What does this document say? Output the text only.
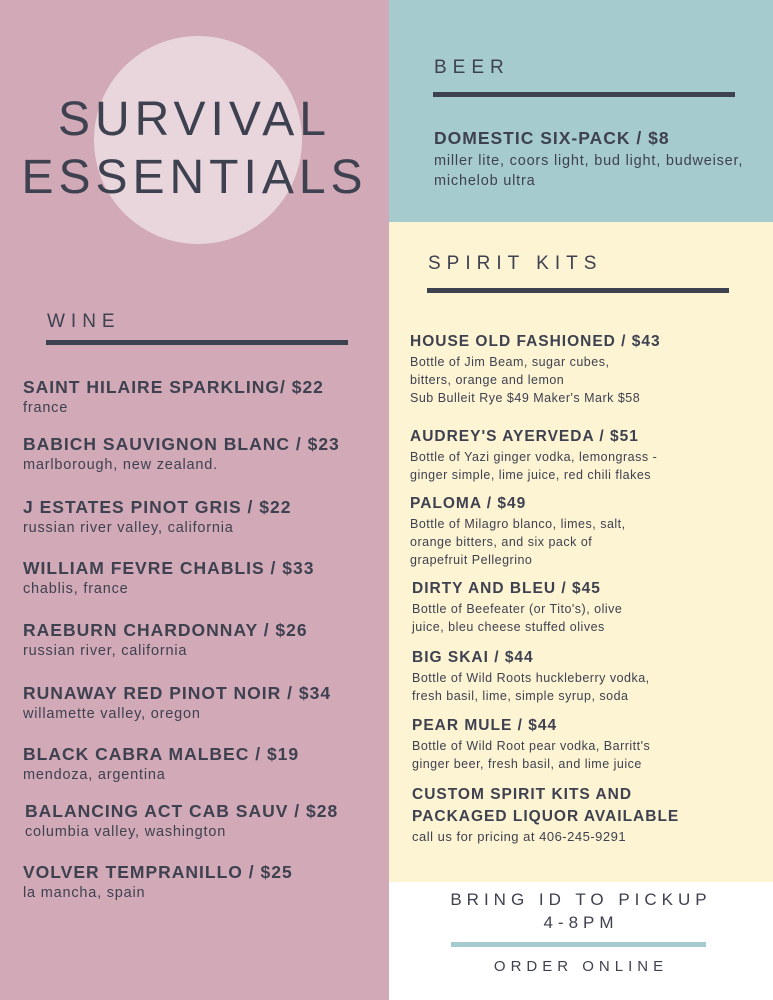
SURVIVAL
ESSENTIALS
WINE
SAINT HILAIRE SPARKLING/ $22
france
BABICH SAUVIGNON BLANC / $23
marlborough, new zealand.
J ESTATES PINOT GRIS / $22
russian river valley, california
WILLIAM FEVRE CHABLIS / $33
chablis, france
RAEBURN CHARDONNAY / $26
russian river, california
RUNAWAY RED PINOT NOIR / $34
willamette valley, oregon
BLACK CABRA MALBEC / $19
mendoza, argentina
BALANCING ACT CAB SAUV / $28
columbia valley, washington
VOLVER TEMPRANILLO / $25
la mancha, spain
BEER
DOMESTIC SIX-PACK / $8
miller lite, coors light, bud light, budweiser, michelob ultra
SPIRIT KITS
HOUSE OLD FASHIONED / $43
Bottle of Jim Beam, sugar cubes,
bitters, orange and lemon
Sub Bulleit Rye $49 Maker's Mark $58
AUDREY'S AYERVEDA / $51
Bottle of Yazi ginger vodka, lemongrass -
ginger simple, lime juice, red chili flakes
PALOMA / $49
Bottle of Milagro blanco, limes, salt,
orange bitters, and six pack of
grapefruit Pellegrino
DIRTY AND BLEU / $45
Bottle of Beefeater (or Tito's), olive
juice, bleu cheese stuffed olives
BIG SKAI / $44
Bottle of Wild Roots huckleberry vodka,
fresh basil, lime, simple syrup, soda
PEAR MULE / $44
Bottle of Wild Root pear vodka, Barritt's
ginger beer, fresh basil, and lime juice
CUSTOM SPIRIT KITS AND
PACKAGED LIQUOR AVAILABLE
call us for pricing at 406-245-9291
BRING ID TO PICKUP
4-8PM
ORDER ONLINE
